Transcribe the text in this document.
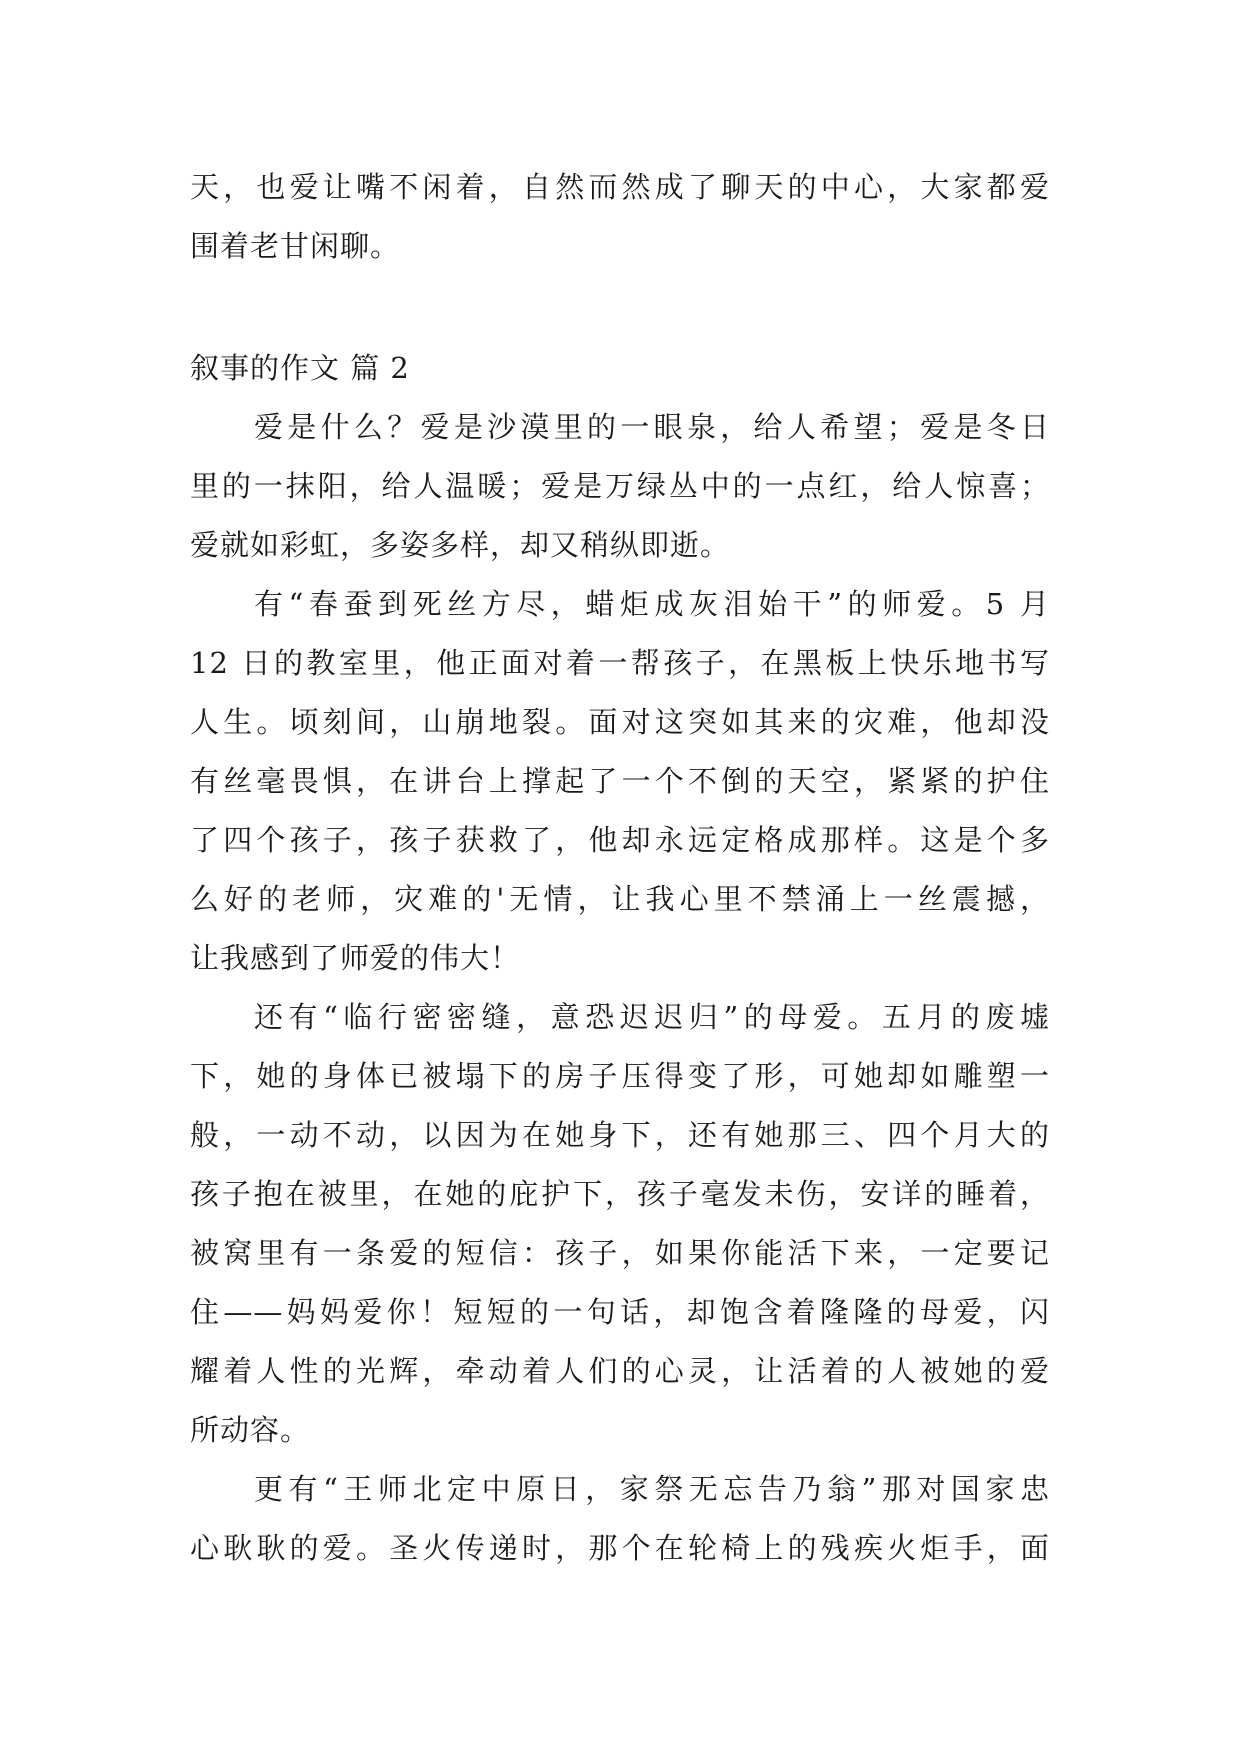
天，也爱让嘴不闲着，自然而然成了聊天的中心，大家都爱
围着老甘闲聊。
叙事的作文 篇 2
爱是什么？爱是沙漠里的一眼泉，给人希望；爱是冬日
里的一抹阳，给人温暖；爱是万绿丛中的一点红，给人惊喜；
爱就如彩虹，多姿多样，却又稍纵即逝。
有“春蚕到死丝方尽，蜡炬成灰泪始干”的师爱。5 月
12 日的教室里，他正面对着一帮孩子，在黑板上快乐地书写
人生。顷刻间，山崩地裂。面对这突如其来的灾难，他却没
有丝毫畏惧，在讲台上撑起了一个不倒的天空，紧紧的护住
了四个孩子，孩子获救了，他却永远定格成那样。这是个多
么好的老师，灾难的'无情，让我心里不禁涌上一丝震撼，
让我感到了师爱的伟大！
还有“临行密密缝，意恐迟迟归”的母爱。五月的废墟
下，她的身体已被塌下的房子压得变了形，可她却如雕塑一
般，一动不动，以因为在她身下，还有她那三、四个月大的
孩子抱在被里，在她的庇护下，孩子毫发未伤，安详的睡着，
被窝里有一条爱的短信：孩子，如果你能活下来，一定要记
住——妈妈爱你！短短的一句话，却饱含着隆隆的母爱，闪
耀着人性的光辉，牵动着人们的心灵，让活着的人被她的爱
所动容。
更有“王师北定中原日，家祭无忘告乃翁”那对国家忠
心耿耿的爱。圣火传递时，那个在轮椅上的残疾火炬手，面
